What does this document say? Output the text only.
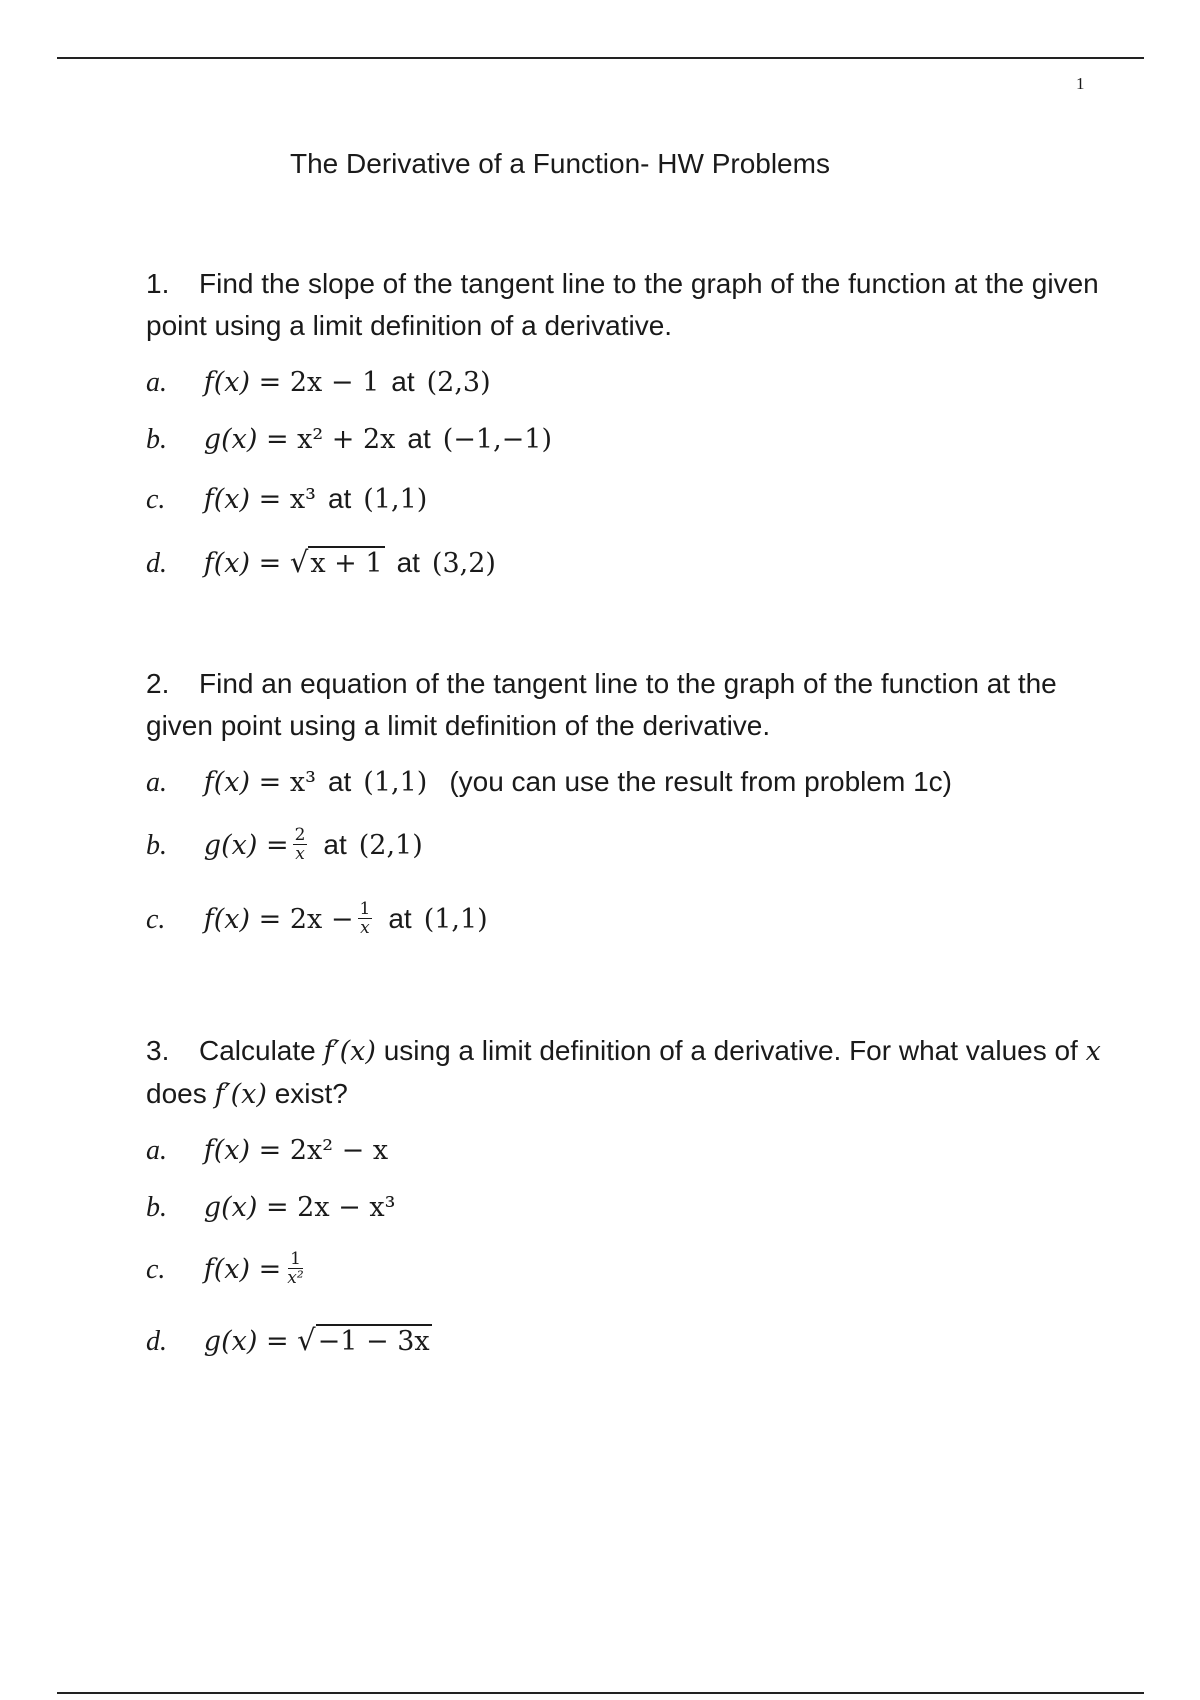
1
The Derivative of a Function- HW Problems
1. Find the slope of the tangent line to the graph of the function at the given point using a limit definition of a derivative.
a. f(x) = 2x − 1 at (2,3)
b. g(x) = x² + 2x at (−1,−1)
c. f(x) = x³ at (1,1)
d. f(x) = √x + 1 at (3,2)
2. Find an equation of the tangent line to the graph of the function at the given point using a limit definition of the derivative.
a. f(x) = x³ at (1,1) (you can use the result from problem 1c)
b. $g(x) = \frac{2}{x}$ at (2,1)
c. $f(x) = 2x - \frac{1}{x}$ at (1,1)
3. Calculate f′(x) using a limit definition of a derivative. For what values of x does f′(x) exist?
a. f(x) = 2x² − x
b. g(x) = 2x − x³
c. $f(x) = \frac{1}{\text{x²}}$
d. g(x) = √−1 − 3x
